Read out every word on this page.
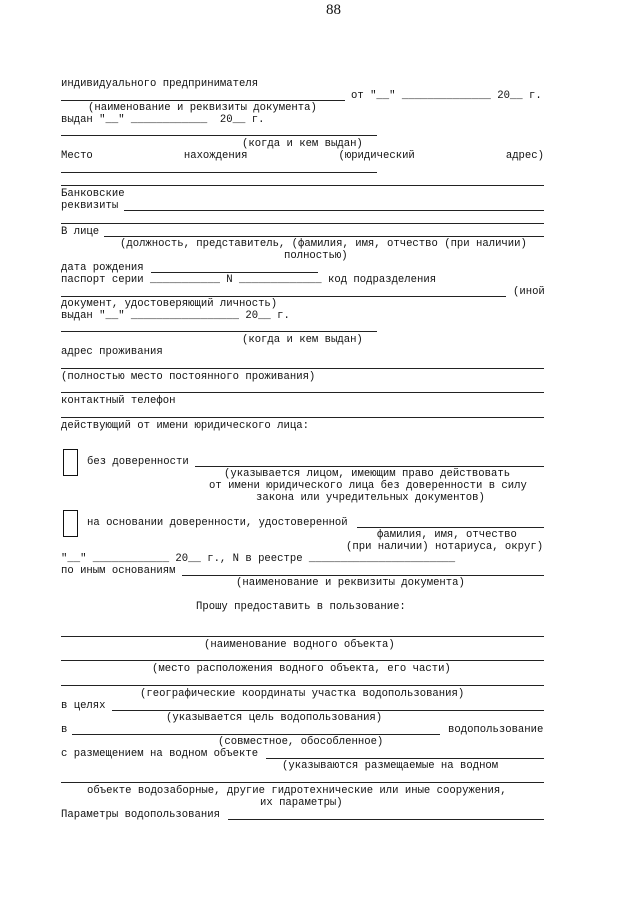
88
индивидуального предпринимателя
от "__" ______________ 20__ г.
(наименование и реквизиты документа)
выдан "__" ____________  20__ г.
(когда и кем выдан)
Место нахождения (юридический адрес)
Банковские
реквизиты
В лице
(должность, представитель, (фамилия, имя, отчество (при наличии)
полностью)
дата рождения
паспорт серии ___________ N _____________ код подразделения
(иной
документ, удостоверяющий личность)
выдан "__" _________________ 20__ г.
(когда и кем выдан)
адрес проживания
(полностью место постоянного проживания)
контактный телефон
действующий от имени юридического лица:
без доверенности
(указывается лицом, имеющим право действовать
от имени юридического лица без доверенности в силу
закона или учредительных документов)
на основании доверенности, удостоверенной
фамилия, имя, отчество
(при наличии) нотариуса, округ)
"__" ____________ 20__ г., N в реестре _______________________
по иным основаниям
(наименование и реквизиты документа)
Прошу предоставить в пользование:
(наименование водного объекта)
(место расположения водного объекта, его части)
(географические координаты участка водопользования)
в целях
(указывается цель водопользования)
в	водопользование
(совместное, обособленное)
с размещением на водном объекте
(указываются размещаемые на водном
объекте водозаборные, другие гидротехнические или иные сооружения,
их параметры)
Параметры водопользования
